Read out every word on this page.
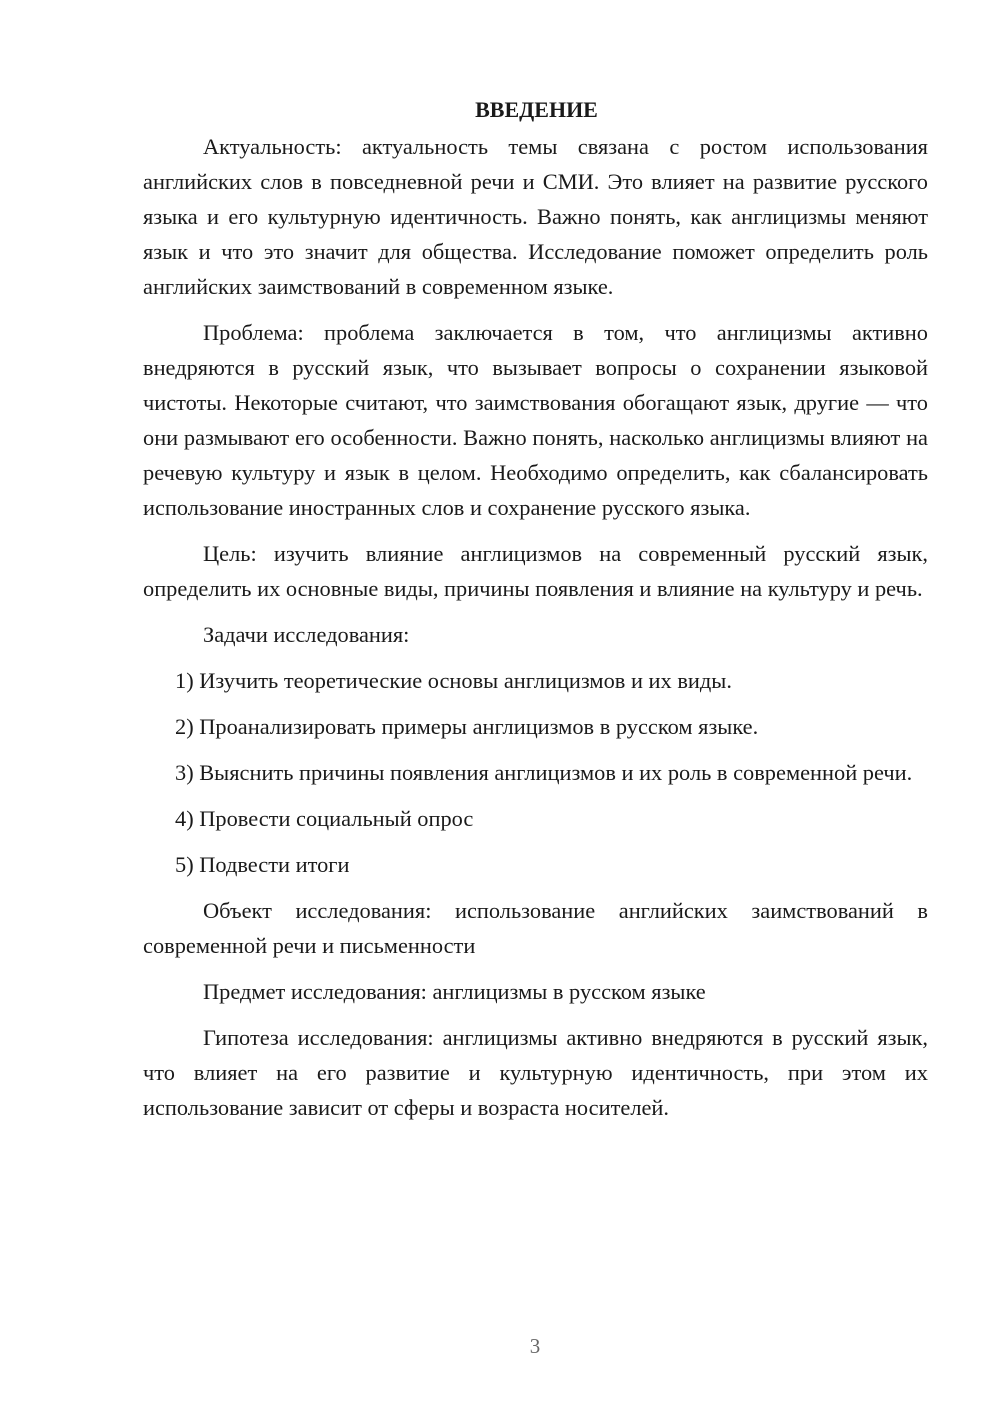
ВВЕДЕНИЕ

Актуальность: актуальность темы связана с ростом использования английских слов в повседневной речи и СМИ. Это влияет на развитие русского языка и его культурную идентичность. Важно понять, как англицизмы меняют язык и что это значит для общества. Исследование поможет определить роль английских заимствований в современном языке.

Проблема: проблема заключается в том, что англицизмы активно внедряются в русский язык, что вызывает вопросы о сохранении языковой чистоты. Некоторые считают, что заимствования обогащают язык, другие — что они размывают его особенности. Важно понять, насколько англицизмы влияют на речевую культуру и язык в целом. Необходимо определить, как сбалансировать использование иностранных слов и сохранение русского языка.

Цель: изучить влияние англицизмов на современный русский язык, определить их основные виды, причины появления и влияние на культуру и речь.

Задачи исследования:

1) Изучить теоретические основы англицизмов и их виды.

2) Проанализировать примеры англицизмов в русском языке.

3) Выяснить причины появления англицизмов и их роль в современной речи.

4) Провести социальный опрос

5) Подвести итоги

Объект исследования: использование английских заимствований в современной речи и письменности

Предмет исследования: англицизмы в русском языке

Гипотеза исследования: англицизмы активно внедряются в русский язык, что влияет на его развитие и культурную идентичность, при этом их использование зависит от сферы и возраста носителей.

3
